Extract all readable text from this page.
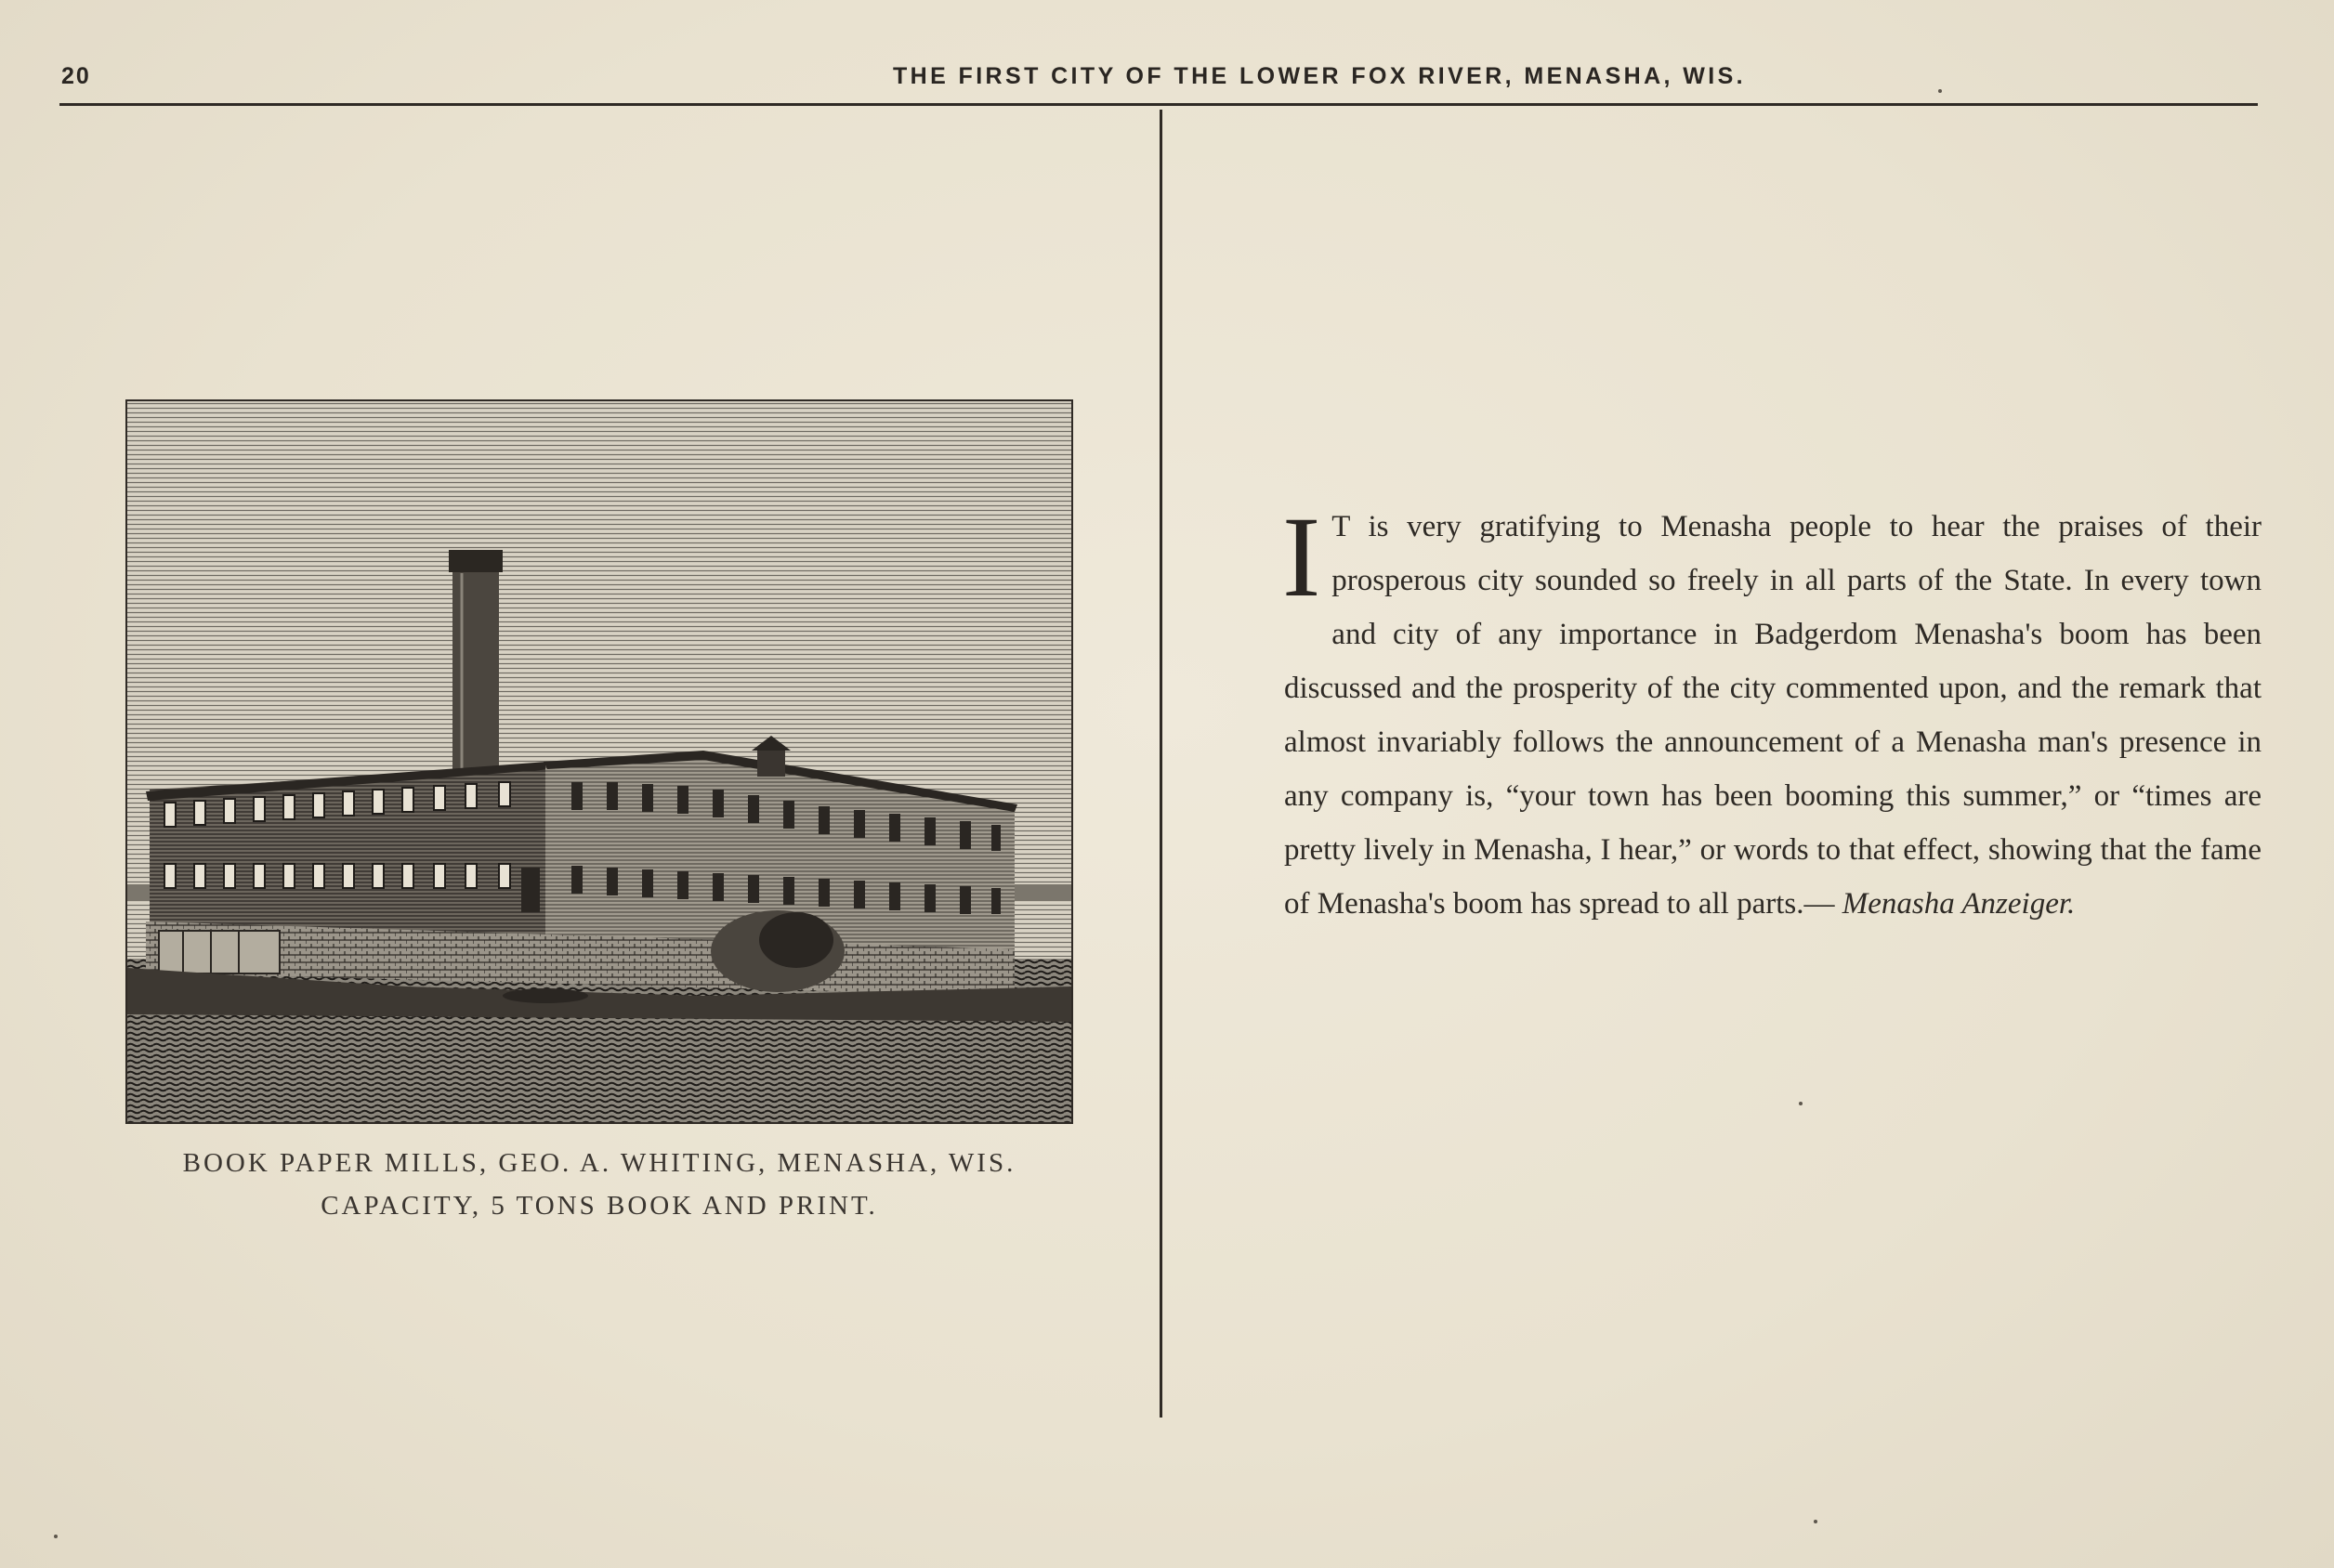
20	THE FIRST CITY OF THE LOWER FOX RIVER, MENASHA, WIS.
BOOK PAPER MILLS, GEO. A. WHITING, MENASHA, WIS.
CAPACITY, 5 TONS BOOK AND PRINT.
I T is very gratifying to Menasha people to hear the praises of their prosperous city sounded so freely in all parts of the State. In every town and city of any importance in Badgerdom Menasha's boom has been discussed and the prosperity of the city commented upon, and the remark that almost invariably follows the announcement of a Menasha man's presence in any company is, “your town has been booming this summer,” or “times are pretty lively in Menasha, I hear,” or words to that effect, showing that the fame of Menasha's boom has spread to all parts.— Menasha Anzeiger.
